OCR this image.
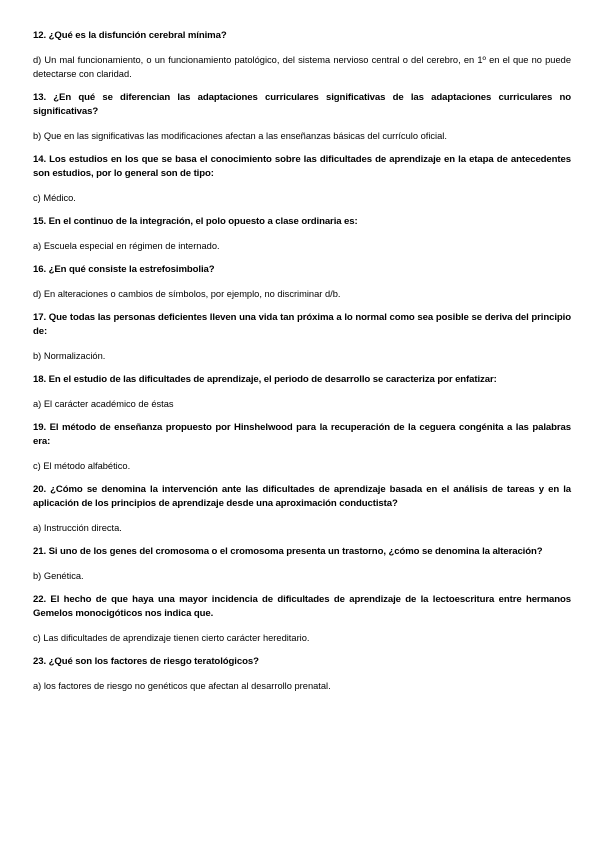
12. ¿Qué es la disfunción cerebral mínima?

d) Un mal funcionamiento, o un funcionamiento patológico, del sistema nervioso central o del cerebro, en 1º en el que no puede detectarse con claridad.

13. ¿En qué se diferencian las adaptaciones curriculares significativas de las adaptaciones curriculares no significativas?

b) Que en las significativas las modificaciones afectan a las enseñanzas básicas del currículo oficial.

14. Los estudios en los que se basa el conocimiento sobre las dificultades de aprendizaje en la etapa de antecedentes son estudios, por lo general son de tipo:

c) Médico.

15. En el continuo de la integración, el polo opuesto a clase ordinaria es:

a) Escuela especial en régimen de internado.

16. ¿En qué consiste la estrefosimbolia?

d) En alteraciones o cambios de símbolos, por ejemplo, no discriminar d/b.

17. Que todas las personas deficientes lleven una vida tan próxima a lo normal como sea posible se deriva del principio de:

b) Normalización.

18. En el estudio de las dificultades de aprendizaje, el periodo de desarrollo se caracteriza por enfatizar:

a) El carácter académico de éstas

19. El método de enseñanza propuesto por Hinshelwood para la recuperación de la ceguera congénita a las palabras era:

c) El método alfabético.

20. ¿Cómo se denomina la intervención ante las dificultades de aprendizaje basada en el análisis de tareas y en la aplicación de los principios de aprendizaje desde una aproximación conductista?

a) Instrucción directa.

21. Si uno de los genes del cromosoma o el cromosoma presenta un trastorno, ¿cómo se denomina la alteración?

b) Genética.

22. El hecho de que haya una mayor incidencia de dificultades de aprendizaje de la lectoescritura entre hermanos Gemelos monocigóticos nos indica que.

c) Las dificultades de aprendizaje tienen cierto carácter hereditario.

23. ¿Qué son los factores de riesgo teratológicos?

a) los factores de riesgo no genéticos que afectan al desarrollo prenatal.
